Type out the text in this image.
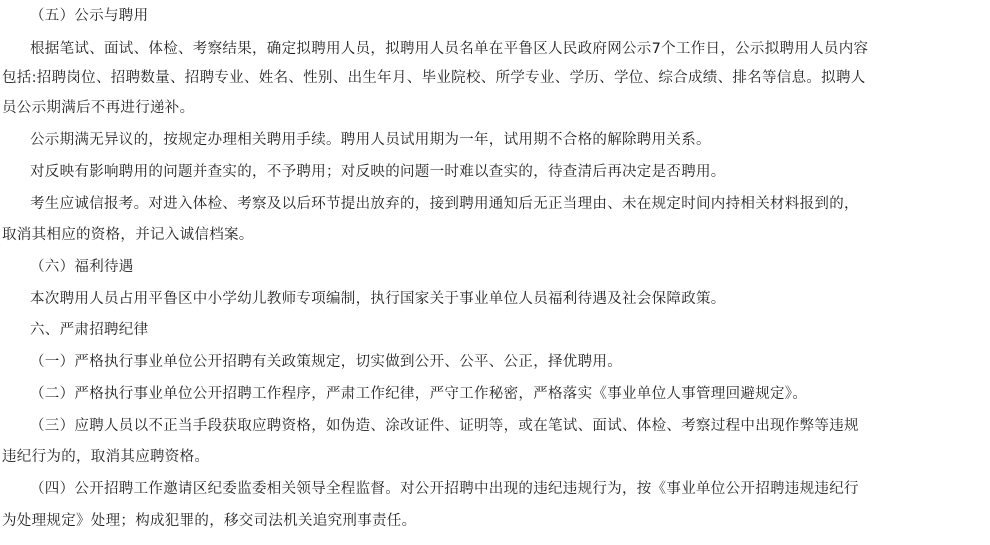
（五）公示与聘用
根据笔试、面试、体检、考察结果，确定拟聘用人员，拟聘用人员名单在平鲁区人民政府网公示7个工作日，公示拟聘用人员内容
包括:招聘岗位、招聘数量、招聘专业、姓名、性别、出生年月、毕业院校、所学专业、学历、学位、综合成绩、排名等信息。拟聘人
员公示期满后不再进行递补。
公示期满无异议的，按规定办理相关聘用手续。聘用人员试用期为一年，试用期不合格的解除聘用关系。
对反映有影响聘用的问题并查实的，不予聘用；对反映的问题一时难以查实的，待查清后再决定是否聘用。
考生应诚信报考。对进入体检、考察及以后环节提出放弃的，接到聘用通知后无正当理由、未在规定时间内持相关材料报到的，
取消其相应的资格，并记入诚信档案。
（六）福利待遇
本次聘用人员占用平鲁区中小学幼儿教师专项编制，执行国家关于事业单位人员福利待遇及社会保障政策。
六、严肃招聘纪律
（一）严格执行事业单位公开招聘有关政策规定，切实做到公开、公平、公正，择优聘用。
（二）严格执行事业单位公开招聘工作程序，严肃工作纪律，严守工作秘密，严格落实《事业单位人事管理回避规定》。
（三）应聘人员以不正当手段获取应聘资格，如伪造、涂改证件、证明等，或在笔试、面试、体检、考察过程中出现作弊等违规
违纪行为的，取消其应聘资格。
（四）公开招聘工作邀请区纪委监委相关领导全程监督。对公开招聘中出现的违纪违规行为，按《事业单位公开招聘违规违纪行
为处理规定》处理；构成犯罪的，移交司法机关追究刑事责任。
